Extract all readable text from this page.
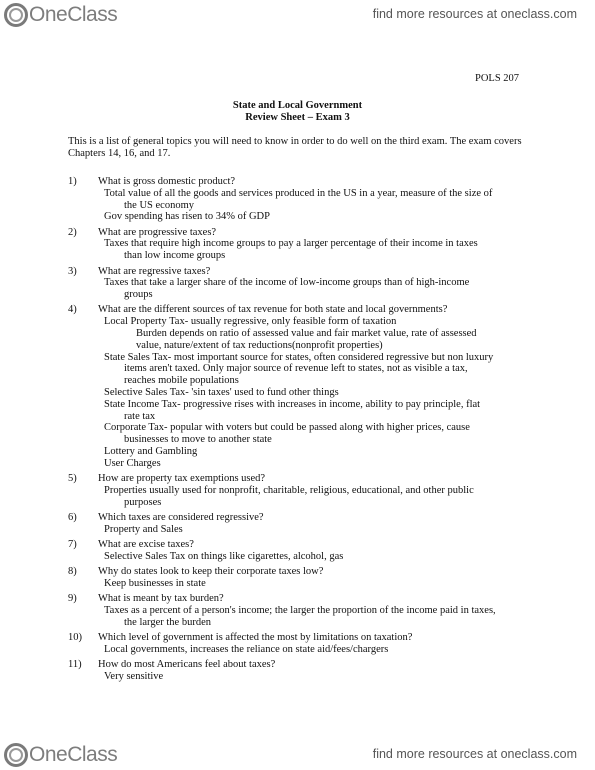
OneClass	find more resources at oneclass.com
POLS 207
State and Local Government
Review Sheet – Exam 3
This is a list of general topics you will need to know in order to do well on the third exam. The exam covers Chapters 14, 16, and 17.
1)	What is gross domestic product?
Total value of all the goods and services produced in the US in a year, measure of the size of
the US economy
Gov spending has risen to 34% of GDP
2)	What are progressive taxes?
Taxes that require high income groups to pay a larger percentage of their income in taxes
than low income groups
3)	What are regressive taxes?
Taxes that take a larger share of the income of low-income groups than of high-income
groups
4)	What are the different sources of tax revenue for both state and local governments?
Local Property Tax- usually regressive, only feasible form of taxation
Burden depends on ratio of assessed value and fair market value, rate of assessed
value, nature/extent of tax reductions(nonprofit properties)
State Sales Tax- most important source for states, often considered regressive but non luxury
items aren't taxed. Only major source of revenue left to states, not as visible a tax,
reaches mobile populations
Selective Sales Tax- 'sin taxes' used to fund other things
State Income Tax- progressive rises with increases in income, ability to pay principle, flat
rate tax
Corporate Tax- popular with voters but could be passed along with higher prices, cause
businesses to move to another state
Lottery and Gambling
User Charges
5)	How are property tax exemptions used?
Properties usually used for nonprofit, charitable, religious, educational, and other public
purposes
6)	Which taxes are considered regressive?
Property and Sales
7)	What are excise taxes?
Selective Sales Tax on things like cigarettes, alcohol, gas
8)	Why do states look to keep their corporate taxes low?
Keep businesses in state
9)	What is meant by tax burden?
Taxes as a percent of a person's income; the larger the proportion of the income paid in taxes,
the larger the burden
10)	Which level of government is affected the most by limitations on taxation?
Local governments, increases the reliance on state aid/fees/chargers
11)	How do most Americans feel about taxes?
Very sensitive
OneClass	find more resources at oneclass.com
